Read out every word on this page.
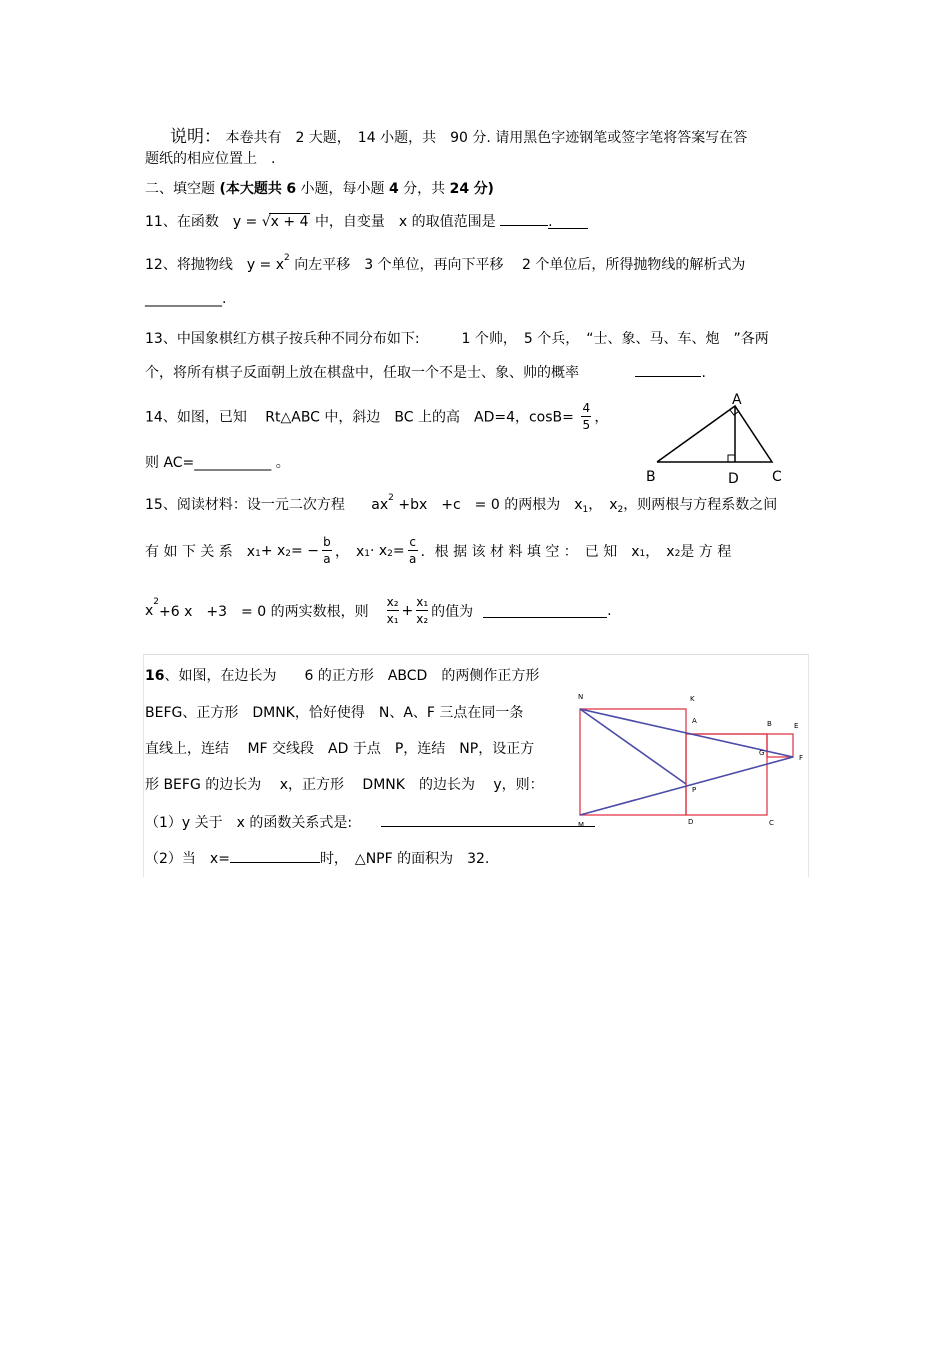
说明： 本卷共有　2 大题，　14 小题，共　90 分. 请用黑色字迹钢笔或签字笔将答案写在答
题纸的相应位置上　.
二、填空题 (本大题共 6 小题，每小题 4 分，共 24 分)
11、在函数　y = √x + 4 中，自变量　x 的取值范围是	.
12、将抛物线　$y = x^2$ 向左平移　3 个单位，再向下平移　 2 个单位后，所得抛物线的解析式为
___________.
13、中国象棋红方棋子按兵种不同分布如下:　　　1 个帅，　5 个兵，　“士、象、马、车、炮　”各两
个，将所有棋子反面朝上放在棋盘中，任取一个不是士、象、帅的概率	.
14、如图，已知　 Rt△ABC 中，斜边　BC 上的高　AD=4，$\cos B= \frac{4}{5}$ ，
则 AC=___________ 。
A
B	C
D
15、阅读材料：设一元二次方程 $ax^2 +bx$　+c　= 0 的两根为　$x_1$，　$x_2$，则两根与方程系数之间
有 如 下 关 系　x 1 + x 2 = − $\frac{b}{a}$ ，　x 1 · x $2 = \frac{c}{a}$ ．根 据 该 材 料 填 空 ：　已 知　x 1 ，　x 2 是 方 程
x
2
+6 x　+3　= 0 的两实数根，则 $\frac{\text{x₂}}{\text{x₁}} + \frac{\text{x₁}}{\text{x₂}}$ 的值为	.
16、如图，在边长为　　6 的正方形　ABCD　的两侧作正方形
BEFG、正方形　DMNK，恰好使得　N、A、F 三点在同一条
直线上，连结　 MF 交线段　AD 于点　P，连结　NP，设正方
形 BEFG 的边长为　 x，正方形　 DMNK　的边长为　 y，则：
（1）y 关于　x 的函数关系式是:
（2）当　x=	时，　△NPF 的面积为　32.
N	K
A	B	E
G
F
P
M	D	C
